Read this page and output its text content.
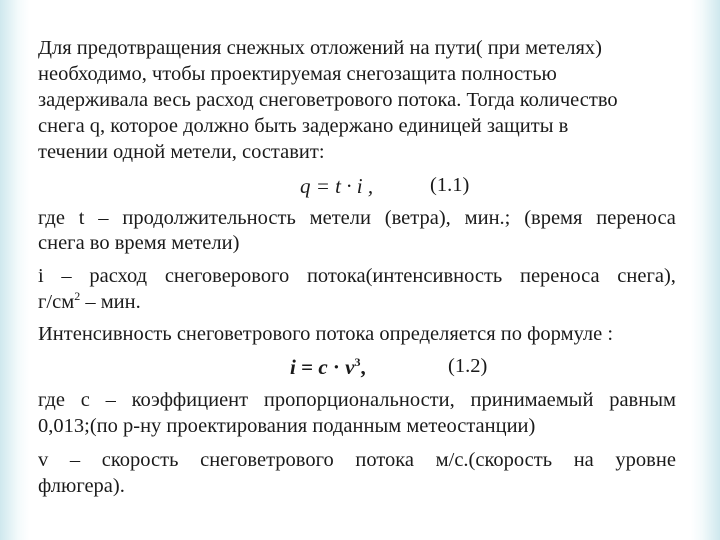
Для предотвращения снежных отложений на пути( при метелях)
необходимо, чтобы проектируемая снегозащита полностью
задерживала весь расход снеговетрового потока. Тогда количество
снега q, которое должно быть задержано единицей защиты в
течении одной метели, составит:
q = t · i ,	(1.1)
где t – продолжительность метели (ветра), мин.; (время переноса
снега во время метели)
i – расход снеговерового потока(интенсивность переноса снега),
$г/см^2$ – мин.
Интенсивность снеговетрового потока определяется по формуле :
$i = c \cdot v^3$,	(1.2)
где с – коэффициент пропорциональности, принимаемый равным
0,013;(по р-ну проектирования поданным метеостанции)
v – скорость снеговетрового потока м/с.(скорость на уровне
флюгера).
